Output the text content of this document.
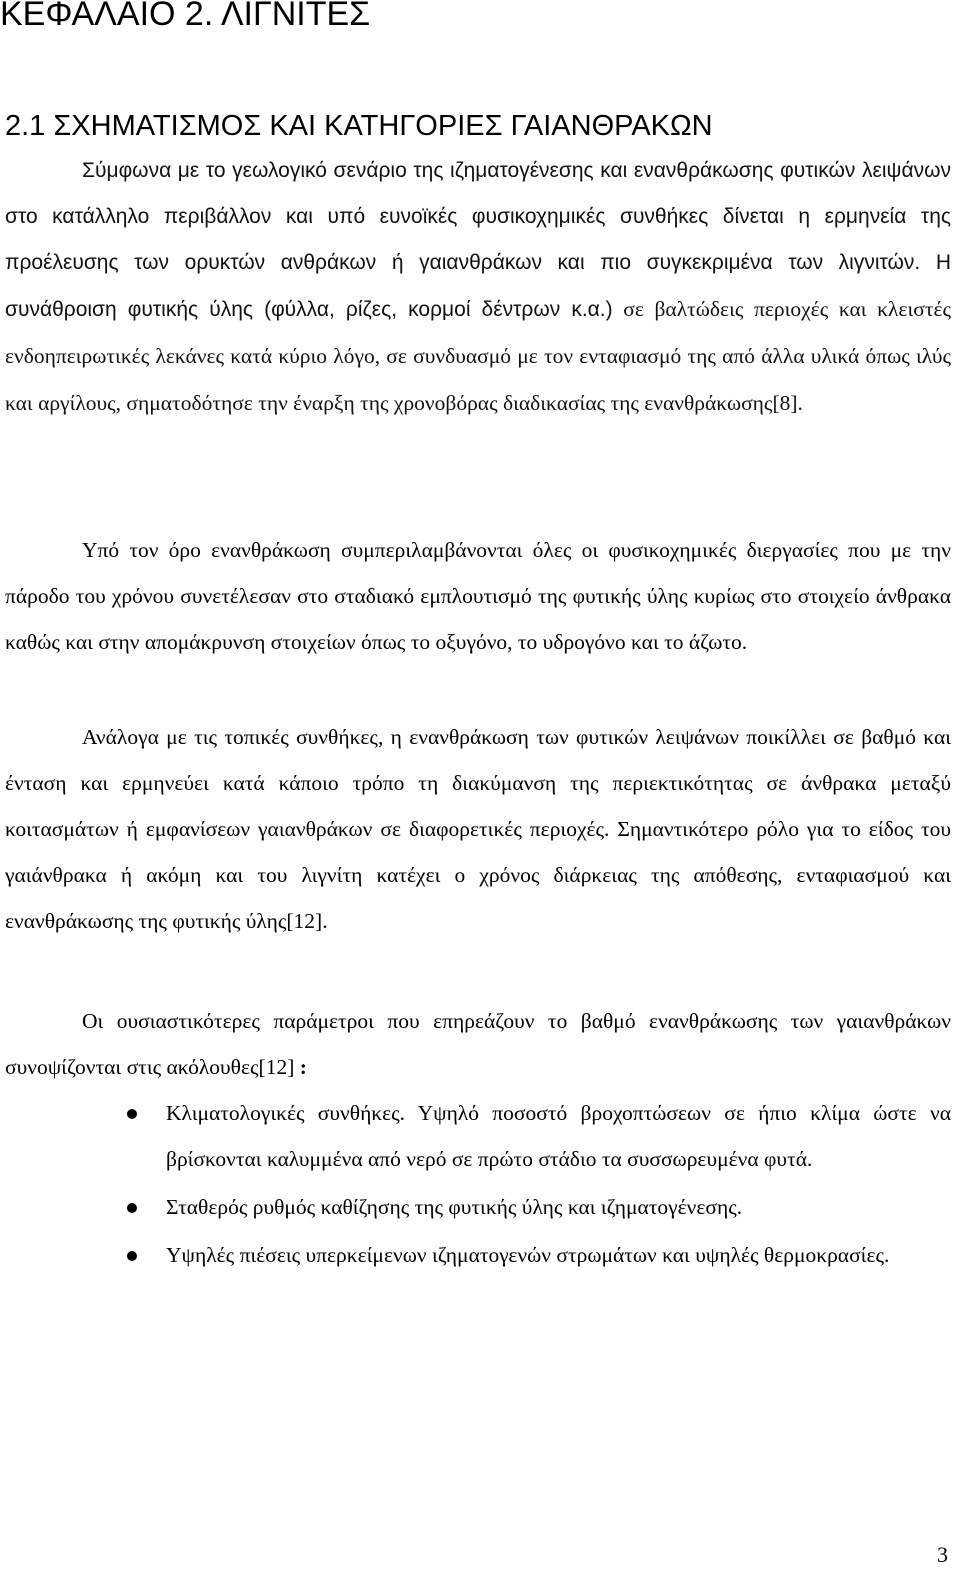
ΚΕΦΑΛΑΙΟ 2. ΛΙΓΝΙΤΕΣ
2.1 ΣΧΗΜΑΤΙΣΜΟΣ ΚΑΙ ΚΑΤΗΓΟΡΙΕΣ ΓΑΙΑΝΘΡΑΚΩΝ

Σύμφωνα με το γεωλογικό σενάριο της ιζηματογένεσης και ενανθράκωσης φυτικών λειψάνων στο κατάλληλο περιβάλλον και υπό ευνοϊκές φυσικοχημικές συνθήκες δίνεται η ερμηνεία της προέλευσης των ορυκτών ανθράκων ή γαιανθράκων και πιο συγκεκριμένα των λιγνιτών. Η συνάθροιση φυτικής ύλης (φύλλα, ρίζες, κορμοί δέντρων κ.α.) σε βαλτώδεις περιοχές και κλειστές ενδοηπειρωτικές λεκάνες κατά κύριο λόγο, σε συνδυασμό με τον ενταφιασμό της από άλλα υλικά όπως ιλύς και αργίλους, σηματοδότησε την έναρξη της χρονοβόρας διαδικασίας της ενανθράκωσης[8].

Υπό τον όρο ενανθράκωση συμπεριλαμβάνονται όλες οι φυσικοχημικές διεργασίες που με την πάροδο του χρόνου συνετέλεσαν στο σταδιακό εμπλουτισμό της φυτικής ύλης κυρίως στο στοιχείο άνθρακα καθώς και στην απομάκρυνση στοιχείων όπως το οξυγόνο, το υδρογόνο και το άζωτο.

Ανάλογα με τις τοπικές συνθήκες, η ενανθράκωση των φυτικών λειψάνων ποικίλλει σε βαθμό και ένταση και ερμηνεύει κατά κάποιο τρόπο τη διακύμανση της περιεκτικότητας σε άνθρακα μεταξύ κοιτασμάτων ή εμφανίσεων γαιανθράκων σε διαφορετικές περιοχές. Σημαντικότερο ρόλο για το είδος του γαιάνθρακα ή ακόμη και του λιγνίτη κατέχει ο χρόνος διάρκειας της απόθεσης, ενταφιασμού και ενανθράκωσης της φυτικής ύλης[12].

Οι ουσιαστικότερες παράμετροι που επηρεάζουν το βαθμό ενανθράκωσης των γαιανθράκων συνοψίζονται στις ακόλουθες[12] :

Κλιματολογικές συνθήκες. Υψηλό ποσοστό βροχοπτώσεων σε ήπιο κλίμα ώστε να βρίσκονται καλυμμένα από νερό σε πρώτο στάδιο τα συσσωρευμένα φυτά.
Σταθερός ρυθμός καθίζησης της φυτικής ύλης και ιζηματογένεσης.
Υψηλές πιέσεις υπερκείμενων ιζηματογενών στρωμάτων και υψηλές θερμοκρασίες.
3
